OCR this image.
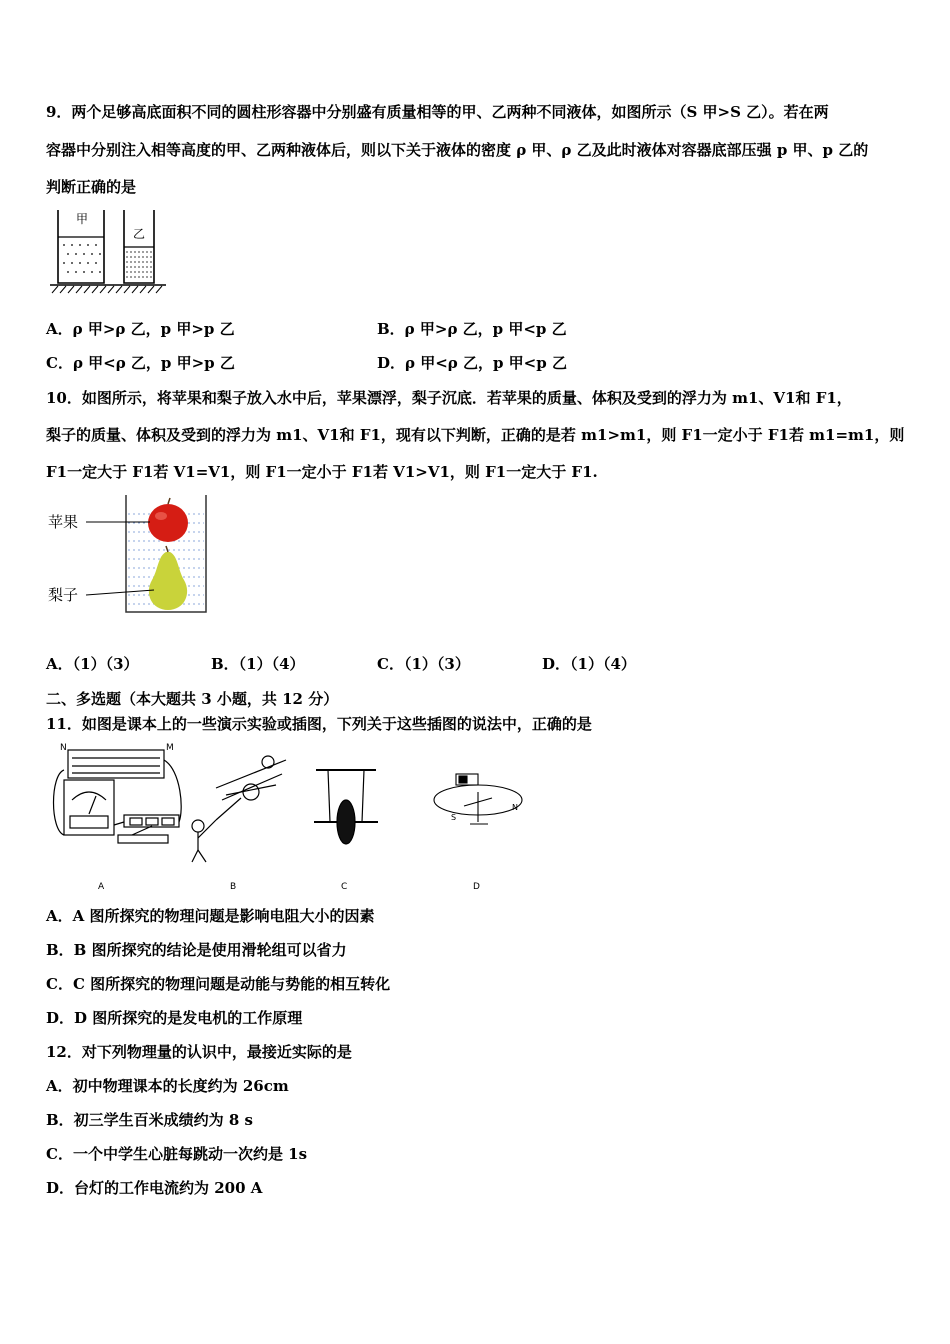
9．两个足够高底面积不同的圆柱形容器中分别盛有质量相等的甲、乙两种不同液体，如图所示（S 甲>S 乙）。若在两
容器中分别注入相等高度的甲、乙两种液体后，则以下关于液体的密度 ρ 甲、ρ 乙及此时液体对容器底部压强 p 甲、p 乙的
判断正确的是
甲
乙
A．ρ 甲>ρ 乙，p 甲>p 乙	B．ρ 甲>ρ 乙，p 甲<p 乙
C．ρ 甲<ρ 乙，p 甲>p 乙	D．ρ 甲<ρ 乙，p 甲<p 乙
10．如图所示，将苹果和梨子放入水中后，苹果漂浮，梨子沉底．若苹果的质量、体积及受到的浮力为 m1、V1和 F1，
梨子的质量、体积及受到的浮力为 m1、V1和 F1，现有以下判断，正确的是若 m1>m1，则 F1一定小于 F1若 m1=m1，则
F1一定大于 F1若 V1=V1，则 F1一定小于 F1若 V1>V1，则 F1一定大于 F1.
苹果
梨子
A．（1）（3）	B．（1）（4）	C．（1）（3）	D．（1）（4）
二、多选题（本大题共 3 小题，共 12 分）
11．如图是课本上的一些演示实验或插图，下列关于这些插图的说法中，正确的是
N	M
S
N
A	B	C	D
A．A 图所探究的物理问题是影响电阻大小的因素
B．B 图所探究的结论是使用滑轮组可以省力
C．C 图所探究的物理问题是动能与势能的相互转化
D．D 图所探究的是发电机的工作原理
12．对下列物理量的认识中，最接近实际的是
A．初中物理课本的长度约为 26cm
B．初三学生百米成绩约为 8 s
C．一个中学生心脏每跳动一次约是 1s
D．台灯的工作电流约为 200 A
